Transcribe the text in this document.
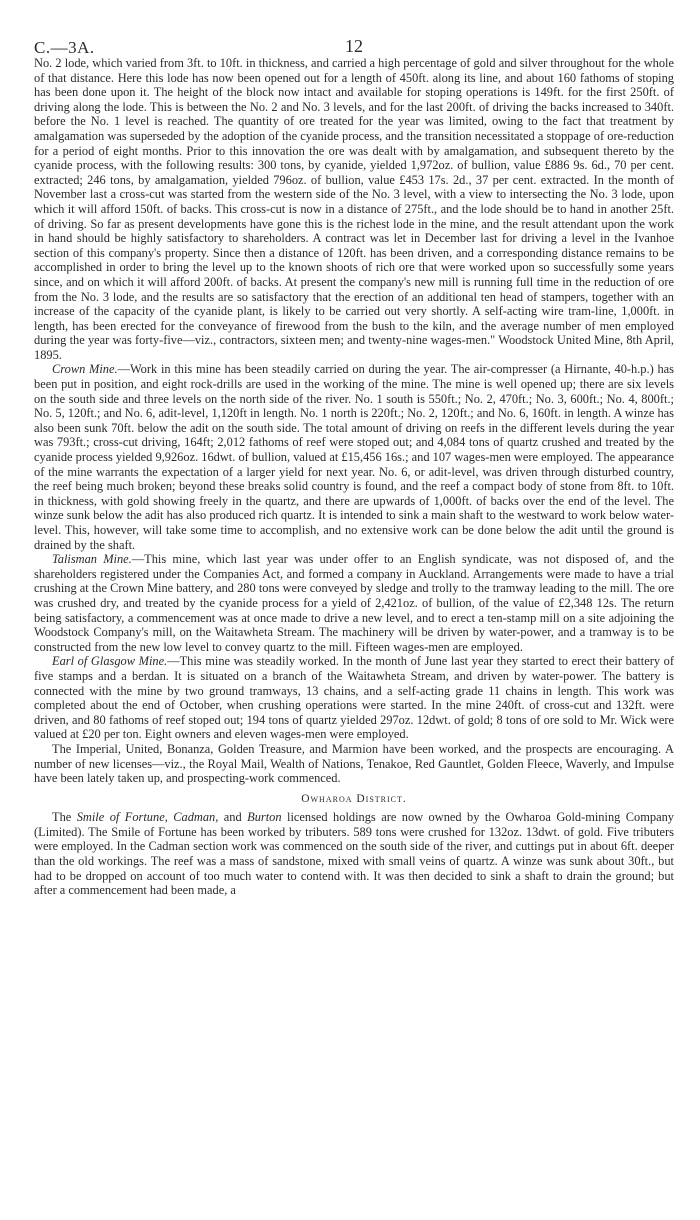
C.—3A.	12

No. 2 lode, which varied from 3ft. to 10ft. in thickness, and carried a high percentage of gold and silver throughout for the whole of that distance. Here this lode has now been opened out for a length of 450ft. along its line, and about 160 fathoms of stoping has been done upon it. The height of the block now intact and available for stoping operations is 149ft. for the first 250ft. of driving along the lode. This is between the No. 2 and No. 3 levels, and for the last 200ft. of driving the backs increased to 340ft. before the No. 1 level is reached. The quantity of ore treated for the year was limited, owing to the fact that treatment by amalgamation was superseded by the adoption of the cyanide process, and the transition necessitated a stoppage of ore-reduction for a period of eight months. Prior to this innovation the ore was dealt with by amalgamation, and subsequent thereto by the cyanide process, with the following results: 300 tons, by cyanide, yielded 1,972oz. of bullion, value £886 9s. 6d., 70 per cent. extracted; 246 tons, by amalgamation, yielded 796oz. of bullion, value £453 17s. 2d., 37 per cent. extracted. In the month of November last a cross-cut was started from the western side of the No. 3 level, with a view to intersecting the No. 3 lode, upon which it will afford 150ft. of backs. This cross-cut is now in a distance of 275ft., and the lode should be to hand in another 25ft. of driving. So far as present developments have gone this is the richest lode in the mine, and the result attendant upon the work in hand should be highly satisfactory to shareholders. A contract was let in December last for driving a level in the Ivanhoe section of this company's property. Since then a distance of 120ft. has been driven, and a corresponding distance remains to be accomplished in order to bring the level up to the known shoots of rich ore that were worked upon so successfully some years since, and on which it will afford 200ft. of backs. At present the company's new mill is running full time in the reduction of ore from the No. 3 lode, and the results are so satisfactory that the erection of an additional ten head of stampers, together with an increase of the capacity of the cyanide plant, is likely to be carried out very shortly. A self-acting wire tram-line, 1,000ft. in length, has been erected for the conveyance of firewood from the bush to the kiln, and the average number of men employed during the year was forty-five—viz., contractors, sixteen men; and twenty-nine wages-men." Woodstock United Mine, 8th April, 1895.

Crown Mine.—Work in this mine has been steadily carried on during the year. The air-compresser (a Hirnante, 40-h.p.) has been put in position, and eight rock-drills are used in the working of the mine. The mine is well opened up; there are six levels on the south side and three levels on the north side of the river. No. 1 south is 550ft.; No. 2, 470ft.; No. 3, 600ft.; No. 4, 800ft.; No. 5, 120ft.; and No. 6, adit-level, 1,120ft in length. No. 1 north is 220ft.; No. 2, 120ft.; and No. 6, 160ft. in length. A winze has also been sunk 70ft. below the adit on the south side. The total amount of driving on reefs in the different levels during the year was 793ft.; cross-cut driving, 164ft; 2,012 fathoms of reef were stoped out; and 4,084 tons of quartz crushed and treated by the cyanide process yielded 9,926oz. 16dwt. of bullion, valued at £15,456 16s.; and 107 wages-men were employed. The appearance of the mine warrants the expectation of a larger yield for next year. No. 6, or adit-level, was driven through disturbed country, the reef being much broken; beyond these breaks solid country is found, and the reef a compact body of stone from 8ft. to 10ft. in thickness, with gold showing freely in the quartz, and there are upwards of 1,000ft. of backs over the end of the level. The winze sunk below the adit has also produced rich quartz. It is intended to sink a main shaft to the westward to work below water-level. This, however, will take some time to accomplish, and no extensive work can be done below the adit until the ground is drained by the shaft.

Talisman Mine.—This mine, which last year was under offer to an English syndicate, was not disposed of, and the shareholders registered under the Companies Act, and formed a company in Auckland. Arrangements were made to have a trial crushing at the Crown Mine battery, and 280 tons were conveyed by sledge and trolly to the tramway leading to the mill. The ore was crushed dry, and treated by the cyanide process for a yield of 2,421oz. of bullion, of the value of £2,348 12s. The return being satisfactory, a commencement was at once made to drive a new level, and to erect a ten-stamp mill on a site adjoining the Woodstock Company's mill, on the Waitawheta Stream. The machinery will be driven by water-power, and a tramway is to be constructed from the new low level to convey quartz to the mill. Fifteen wages-men are employed.

Earl of Glasgow Mine.—This mine was steadily worked. In the month of June last year they started to erect their battery of five stamps and a berdan. It is situated on a branch of the Waitawheta Stream, and driven by water-power. The battery is connected with the mine by two ground tramways, 13 chains, and a self-acting grade 11 chains in length. This work was completed about the end of October, when crushing operations were started. In the mine 240ft. of cross-cut and 132ft. were driven, and 80 fathoms of reef stoped out; 194 tons of quartz yielded 297oz. 12dwt. of gold; 8 tons of ore sold to Mr. Wick were valued at £20 per ton. Eight owners and eleven wages-men were employed.

The Imperial, United, Bonanza, Golden Treasure, and Marmion have been worked, and the prospects are encouraging. A number of new licenses—viz., the Royal Mail, Wealth of Nations, Tenakoe, Red Gauntlet, Golden Fleece, Waverly, and Impulse have been lately taken up, and prospecting-work commenced.

Owharoa District.

The Smile of Fortune, Cadman, and Burton licensed holdings are now owned by the Owharoa Gold-mining Company (Limited). The Smile of Fortune has been worked by tributers. 589 tons were crushed for 132oz. 13dwt. of gold. Five tributers were employed. In the Cadman section work was commenced on the south side of the river, and cuttings put in about 6ft. deeper than the old workings. The reef was a mass of sandstone, mixed with small veins of quartz. A winze was sunk about 30ft., but had to be dropped on account of too much water to contend with. It was then decided to sink a shaft to drain the ground; but after a commencement had been made, a
